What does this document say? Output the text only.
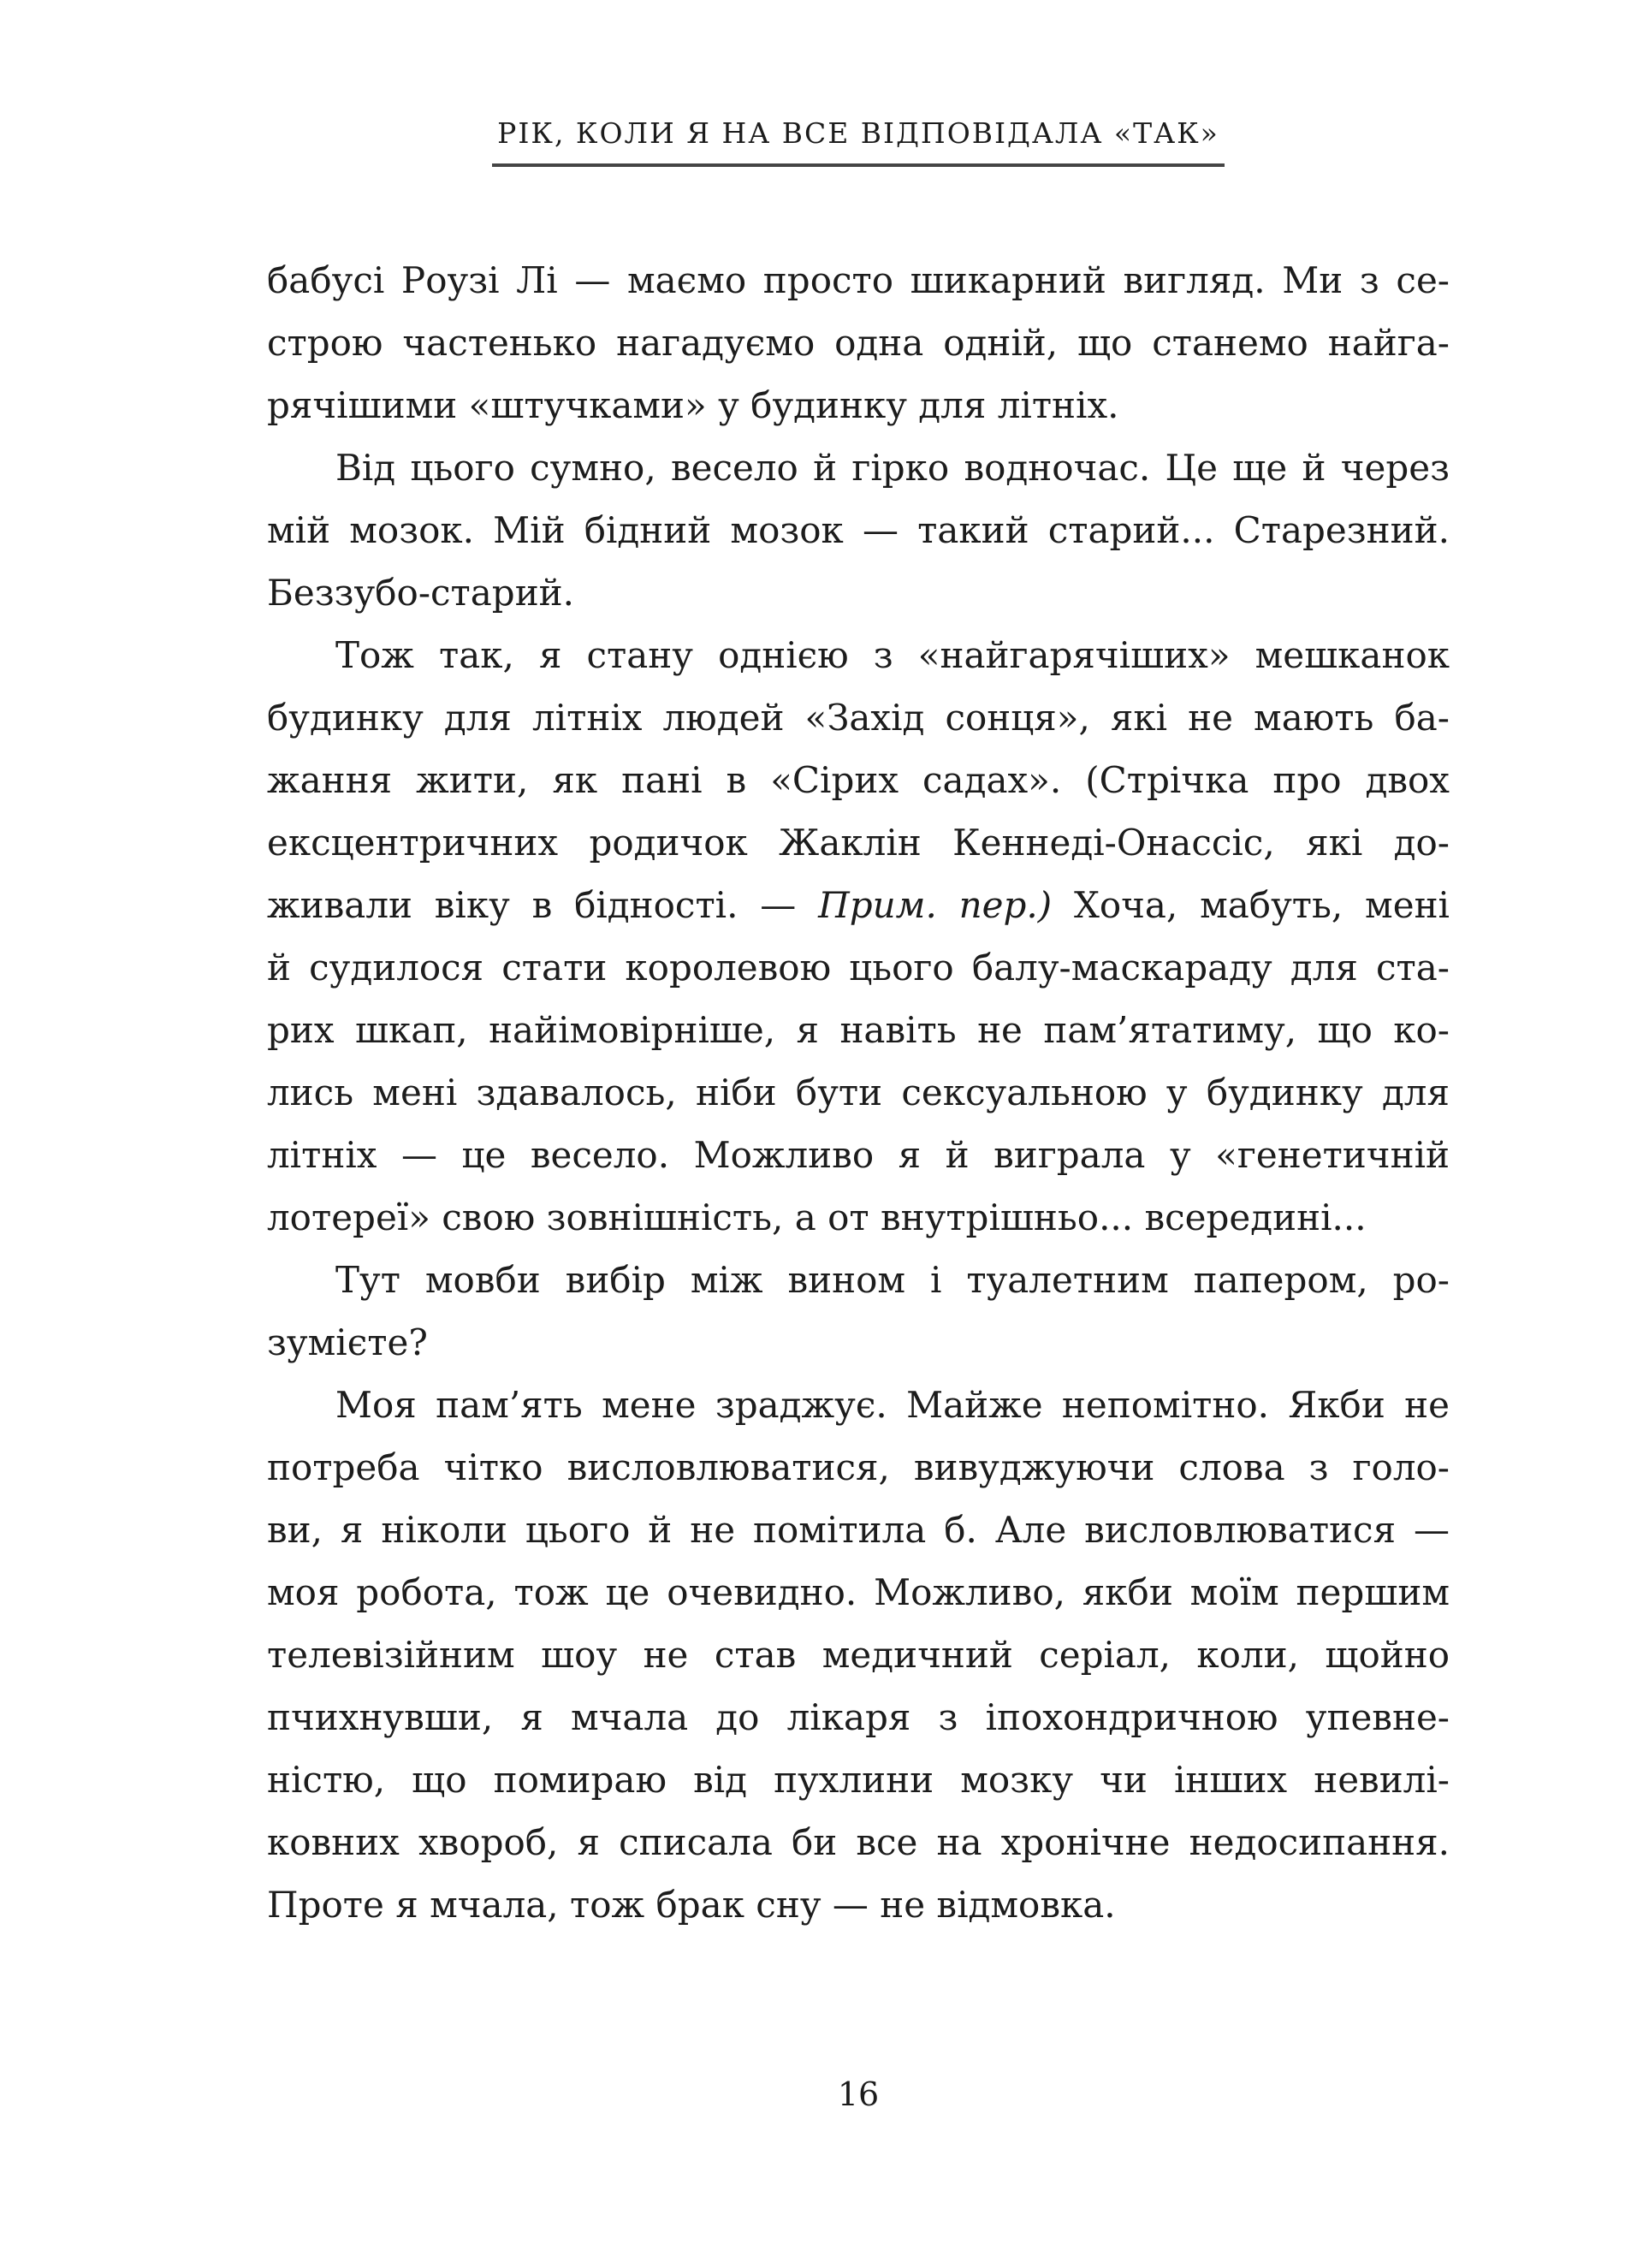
РІК, КОЛИ Я НА ВСЕ ВІДПОВІДАЛА «ТАК»
бабусі Роузі Лі — маємо просто шикарний вигляд. Ми з се-
строю частенько нагадуємо одна одній, що станемо найга-
рячішими «штучками» у будинку для літніх.
Від цього сумно, весело й гірко водночас. Це ще й через
мій мозок. Мій бідний мозок — такий старий... Старезний.
Беззубо-старий.
Тож так, я стану однією з «найгарячіших» мешканок
будинку для літніх людей «Захід сонця», які не мають ба-
жання жити, як пані в «Сірих садах». (Стрічка про двох
ексцентричних родичок Жаклін Кеннеді-Онассіс, які до-
живали віку в бідності. — Прим. пер.) Хоча, мабуть, мені
й судилося стати королевою цього балу-маскараду для ста-
рих шкап, найімовірніше, я навіть не пам’ятатиму, що ко-
лись мені здавалось, ніби бути сексуальною у будинку для
літніх — це весело. Можливо я й виграла у «генетичній
лотереї» свою зовнішність, а от внутрішньо... всередині...
Тут мовби вибір між вином і туалетним папером, ро-
зумієте?
Моя пам’ять мене зраджує. Майже непомітно. Якби не
потреба чітко висловлюватися, вивуджуючи слова з голо-
ви, я ніколи цього й не помітила б. Але висловлюватися —
моя робота, тож це очевидно. Можливо, якби моїм першим
телевізійним шоу не став медичний серіал, коли, щойно
пчихнувши, я мчала до лікаря з іпохондричною упевне-
ністю, що помираю від пухлини мозку чи інших невилі-
ковних хвороб, я списала би все на хронічне недосипання.
Проте я мчала, тож брак сну — не відмовка.
16
